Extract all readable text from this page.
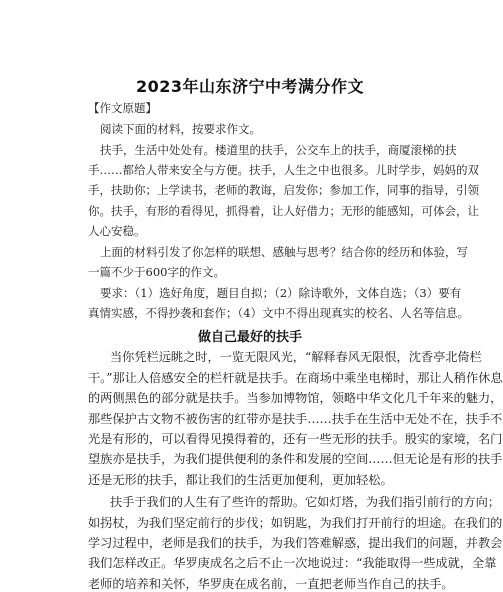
2023年山东济宁中考满分作文
【作文原题】
阅读下面的材料，按要求作文。
扶手，生活中处处有。楼道里的扶手，公交车上的扶手，商厦滚梯的扶
手……都给人带来安全与方便。扶手，人生之中也很多。儿时学步，妈妈的双
手，扶助你；上学读书，老师的教诲，启发你；参加工作，同事的指导，引领
你。扶手，有形的看得见，抓得着，让人好借力；无形的能感知，可体会，让
人心安稳。
上面的材料引发了你怎样的联想、感触与思考？结合你的经历和体验，写
一篇不少于600字的作文。
要求：（1）选好角度，题目自拟；（2）除诗歌外，文体自选；（3）要有
真情实感，不得抄袭和套作；（4）文中不得出现真实的校名、人名等信息。
做自己最好的扶手
当你凭栏远眺之时，一览无限风光，“解释春风无限恨，沈香亭北倚栏
干。”那让人倍感安全的栏杆就是扶手。在商场中乘坐电梯时，那让人稍作休息
的两侧黑色的部分就是扶手。当参加博物馆，领略中华文化几千年来的魅力，
那些保护古文物不被伤害的红带亦是扶手……扶手在生活中无处不在，扶手不
光是有形的，可以看得见摸得着的，还有一些无形的扶手。殷实的家境，名门
望族亦是扶手，为我们提供便利的条件和发展的空间……但无论是有形的扶手
还是无形的扶手，都让我们的生活更加便利，更加轻松。
扶手于我们的人生有了些许的帮助。它如灯塔，为我们指引前行的方向；
如拐杖，为我们坚定前行的步伐；如钥匙，为我们打开前行的坦途。在我们的
学习过程中，老师是我们的扶手，为我们答难解惑，提出我们的问题，并教会
我们怎样改正。华罗庚成名之后不止一次地说过：“我能取得一些成就，全靠
老师的培养和关怀，华罗庚在成名前，一直把老师当作自己的扶手。
